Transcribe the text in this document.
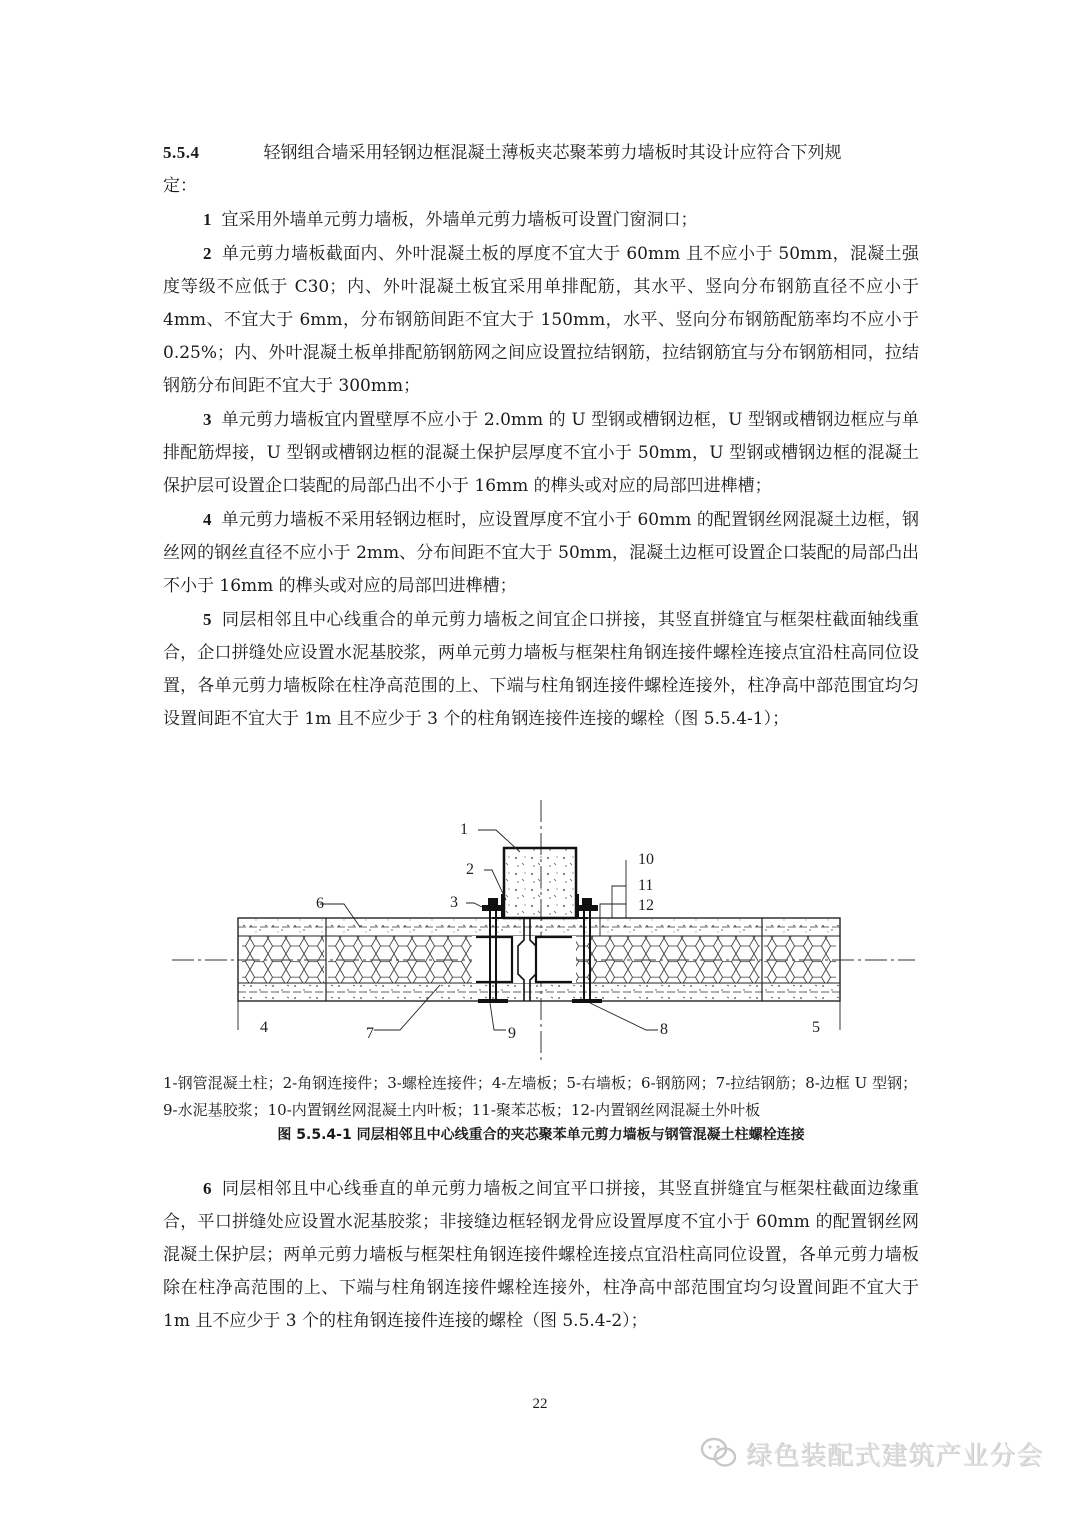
5.5.4	轻钢组合墙采用轻钢边框混凝土薄板夹芯聚苯剪力墙板时其设计应符合下列规
定：

1 宜采用外墙单元剪力墙板，外墙单元剪力墙板可设置门窗洞口；

2 单元剪力墙板截面内、外叶混凝土板的厚度不宜大于 60mm 且不应小于 50mm，混凝土强度等级不应低于 C30；内、外叶混凝土板宜采用单排配筋，其水平、竖向分布钢筋直径不应小于 4mm、不宜大于 6mm，分布钢筋间距不宜大于 150mm，水平、竖向分布钢筋配筋率均不应小于 0.25%；内、外叶混凝土板单排配筋钢筋网之间应设置拉结钢筋，拉结钢筋宜与分布钢筋相同，拉结钢筋分布间距不宜大于 300mm；

3 单元剪力墙板宜内置壁厚不应小于 2.0mm 的 U 型钢或槽钢边框，U 型钢或槽钢边框应与单排配筋焊接，U 型钢或槽钢边框的混凝土保护层厚度不宜小于 50mm，U 型钢或槽钢边框的混凝土保护层可设置企口装配的局部凸出不小于 16mm 的榫头或对应的局部凹进榫槽；

4 单元剪力墙板不采用轻钢边框时，应设置厚度不宜小于 60mm 的配置钢丝网混凝土边框，钢丝网的钢丝直径不应小于 2mm、分布间距不宜大于 50mm，混凝土边框可设置企口装配的局部凸出不小于 16mm 的榫头或对应的局部凹进榫槽；

5 同层相邻且中心线重合的单元剪力墙板之间宜企口拼接，其竖直拼缝宜与框架柱截面轴线重合，企口拼缝处应设置水泥基胶浆，两单元剪力墙板与框架柱角钢连接件螺栓连接点宜沿柱高同位设置，各单元剪力墙板除在柱净高范围的上、下端与柱角钢连接件螺栓连接外，柱净高中部范围宜均匀设置间距不宜大于 1m 且不应少于 3 个的柱角钢连接件连接的螺栓（图 5.5.4-1）；

1
2
3
4	5
6
7	8
9
10
11
12
1-钢管混凝土柱；2-角钢连接件；3-螺栓连接件；4-左墙板；5-右墙板；6-钢筋网；7-拉结钢筋；8-边框 U 型钢；9-水泥基胶浆；10-内置钢丝网混凝土内叶板；11-聚苯芯板；12-内置钢丝网混凝土外叶板
图 5.5.4-1 同层相邻且中心线重合的夹芯聚苯单元剪力墙板与钢管混凝土柱螺栓连接

6 同层相邻且中心线垂直的单元剪力墙板之间宜平口拼接，其竖直拼缝宜与框架柱截面边缘重合，平口拼缝处应设置水泥基胶浆；非接缝边框轻钢龙骨应设置厚度不宜小于 60mm 的配置钢丝网混凝土保护层；两单元剪力墙板与框架柱角钢连接件螺栓连接点宜沿柱高同位设置，各单元剪力墙板除在柱净高范围的上、下端与柱角钢连接件螺栓连接外，柱净高中部范围宜均匀设置间距不宜大于 1m 且不应少于 3 个的柱角钢连接件连接的螺栓（图 5.5.4-2）；

22
绿色装配式建筑产业分会
